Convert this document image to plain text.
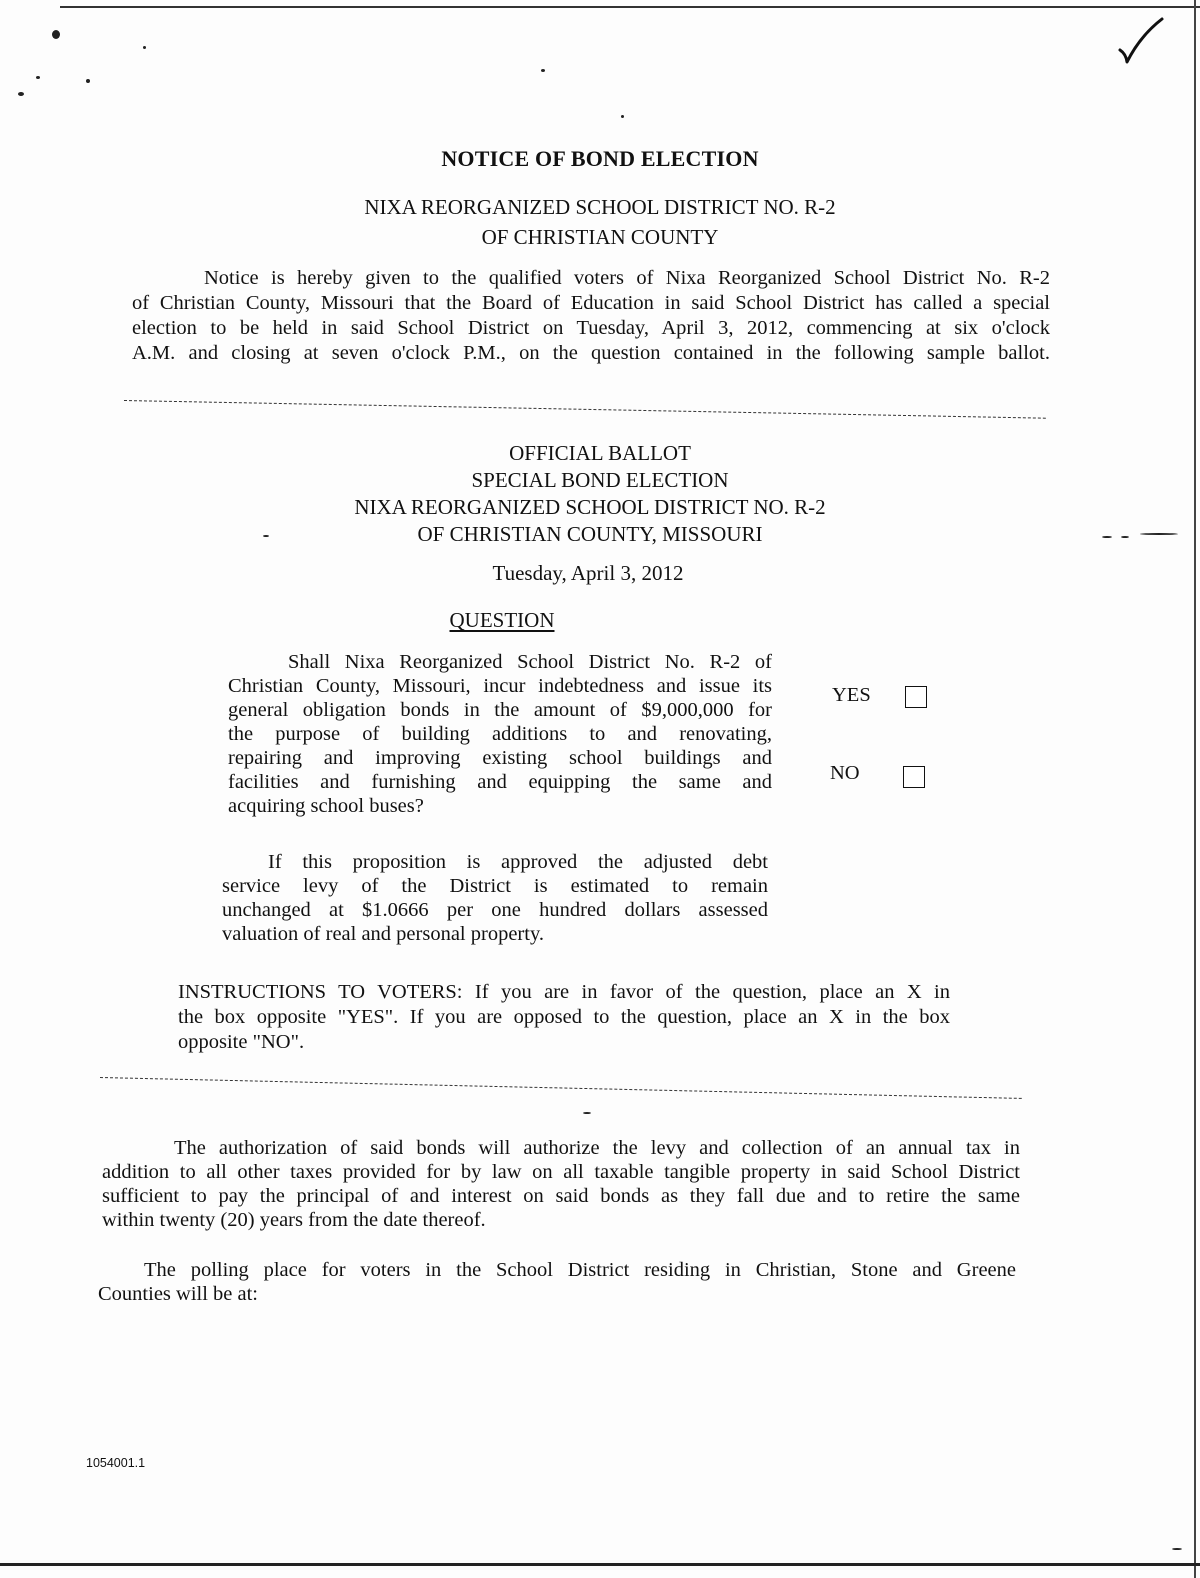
NOTICE OF BOND ELECTION
NIXA REORGANIZED SCHOOL DISTRICT NO. R-2
OF CHRISTIAN COUNTY
Notice is hereby given to the qualified voters of Nixa Reorganized School District No. R-2
of Christian County, Missouri that the Board of Education in said School District has called a special
election to be held in said School District on Tuesday, April 3, 2012, commencing at six o'clock
A.M. and closing at seven o'clock P.M., on the question contained in the following sample ballot.
OFFICIAL BALLOT
SPECIAL BOND ELECTION
NIXA REORGANIZED SCHOOL DISTRICT NO. R-2
OF CHRISTIAN COUNTY, MISSOURI
Tuesday, April 3, 2012
QUESTION
Shall Nixa Reorganized School District No. R-2 of
Christian County, Missouri, incur indebtedness and issue its
general obligation bonds in the amount of $9,000,000 for
the purpose of building additions to and renovating,
repairing and improving existing school buildings and
facilities and furnishing and equipping the same and
acquiring school buses?
YES
NO
If this proposition is approved the adjusted debt
service levy of the District is estimated to remain
unchanged at $1.0666 per one hundred dollars assessed
valuation of real and personal property.
INSTRUCTIONS TO VOTERS: If you are in favor of the question, place an X in
the box opposite "YES". If you are opposed to the question, place an X in the box
opposite "NO".
The authorization of said bonds will authorize the levy and collection of an annual tax in
addition to all other taxes provided for by law on all taxable tangible property in said School District
sufficient to pay the principal of and interest on said bonds as they fall due and to retire the same
within twenty (20) years from the date thereof.
The polling place for voters in the School District residing in Christian, Stone and Greene
Counties will be at:
1054001.1
